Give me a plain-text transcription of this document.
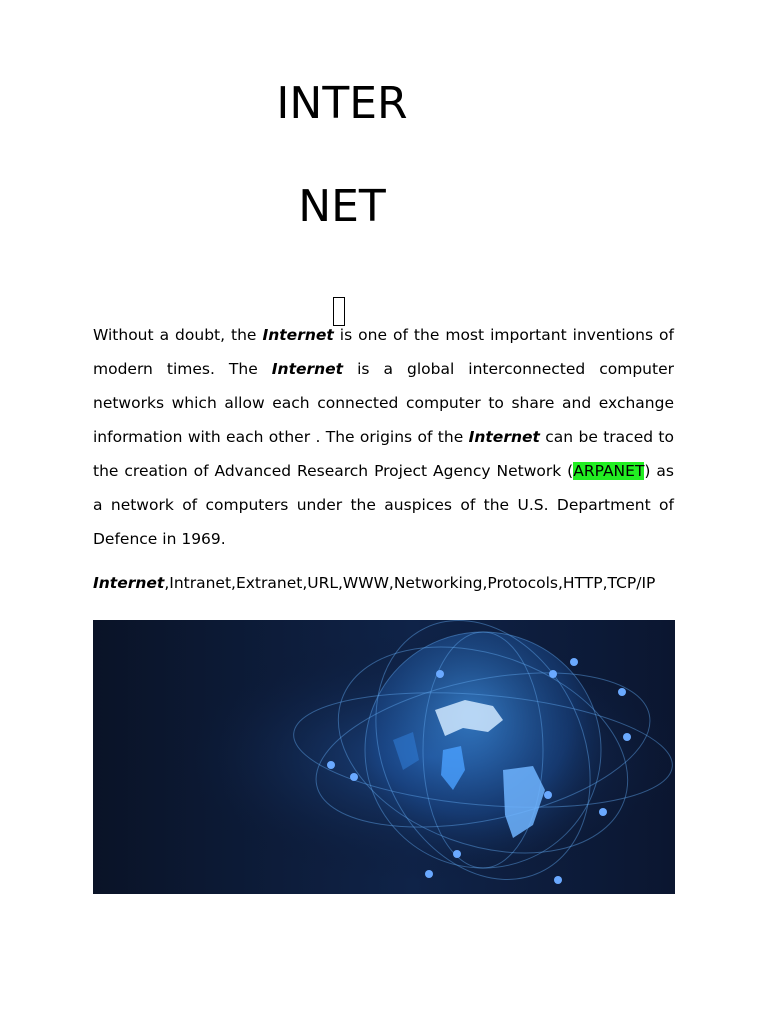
INTER
NET

Without a doubt, the Internet is one of the most important inventions of modern times. The Internet is a global interconnected computer networks which allow each connected computer to share and exchange information with each other . The origins of the Internet can be traced to the creation of Advanced Research Project Agency Network (ARPANET) as a network of computers under the auspices of the U.S. Department of Defence in 1969.

Internet,Intranet,Extranet,URL,WWW,Networking,Protocols,HTTP,TCP/IP
